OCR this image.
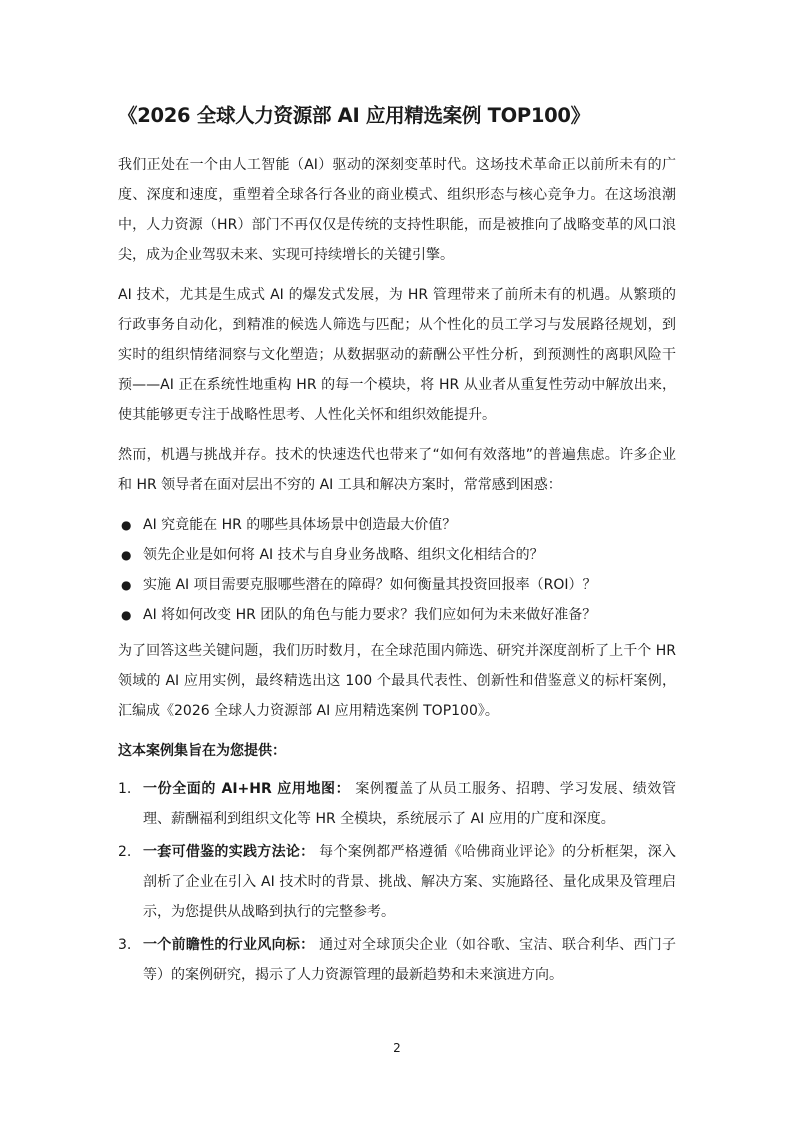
《2026 全球人力资源部 AI 应用精选案例 TOP100》

我们正处在一个由人工智能（AI）驱动的深刻变革时代。这场技术革命正以前所未有的广度、深度和速度，重塑着全球各行各业的商业模式、组织形态与核心竞争力。在这场浪潮中，人力资源（HR）部门不再仅仅是传统的支持性职能，而是被推向了战略变革的风口浪尖，成为企业驾驭未来、实现可持续增长的关键引擎。

AI 技术，尤其是生成式 AI 的爆发式发展，为 HR 管理带来了前所未有的机遇。从繁琐的行政事务自动化，到精准的候选人筛选与匹配；从个性化的员工学习与发展路径规划，到实时的组织情绪洞察与文化塑造；从数据驱动的薪酬公平性分析，到预测性的离职风险干预——AI 正在系统性地重构 HR 的每一个模块，将 HR 从业者从重复性劳动中解放出来，使其能够更专注于战略性思考、人性化关怀和组织效能提升。

然而，机遇与挑战并存。技术的快速迭代也带来了“如何有效落地”的普遍焦虑。许多企业和 HR 领导者在面对层出不穷的 AI 工具和解决方案时，常常感到困惑：

● AI 究竟能在 HR 的哪些具体场景中创造最大价值？
● 领先企业是如何将 AI 技术与自身业务战略、组织文化相结合的？
● 实施 AI 项目需要克服哪些潜在的障碍？如何衡量其投资回报率（ROI）？
● AI 将如何改变 HR 团队的角色与能力要求？我们应如何为未来做好准备？

为了回答这些关键问题，我们历时数月，在全球范围内筛选、研究并深度剖析了上千个 HR 领域的 AI 应用实例，最终精选出这 100 个最具代表性、创新性和借鉴意义的标杆案例，汇编成《2026 全球人力资源部 AI 应用精选案例 TOP100》。

这本案例集旨在为您提供：

1. 一份全面的 AI+HR 应用地图： 案例覆盖了从员工服务、招聘、学习发展、绩效管理、薪酬福利到组织文化等 HR 全模块，系统展示了 AI 应用的广度和深度。
2. 一套可借鉴的实践方法论： 每个案例都严格遵循《哈佛商业评论》的分析框架，深入剖析了企业在引入 AI 技术时的背景、挑战、解决方案、实施路径、量化成果及管理启示，为您提供从战略到执行的完整参考。
3. 一个前瞻性的行业风向标： 通过对全球顶尖企业（如谷歌、宝洁、联合利华、西门子等）的案例研究，揭示了人力资源管理的最新趋势和未来演进方向。
2
